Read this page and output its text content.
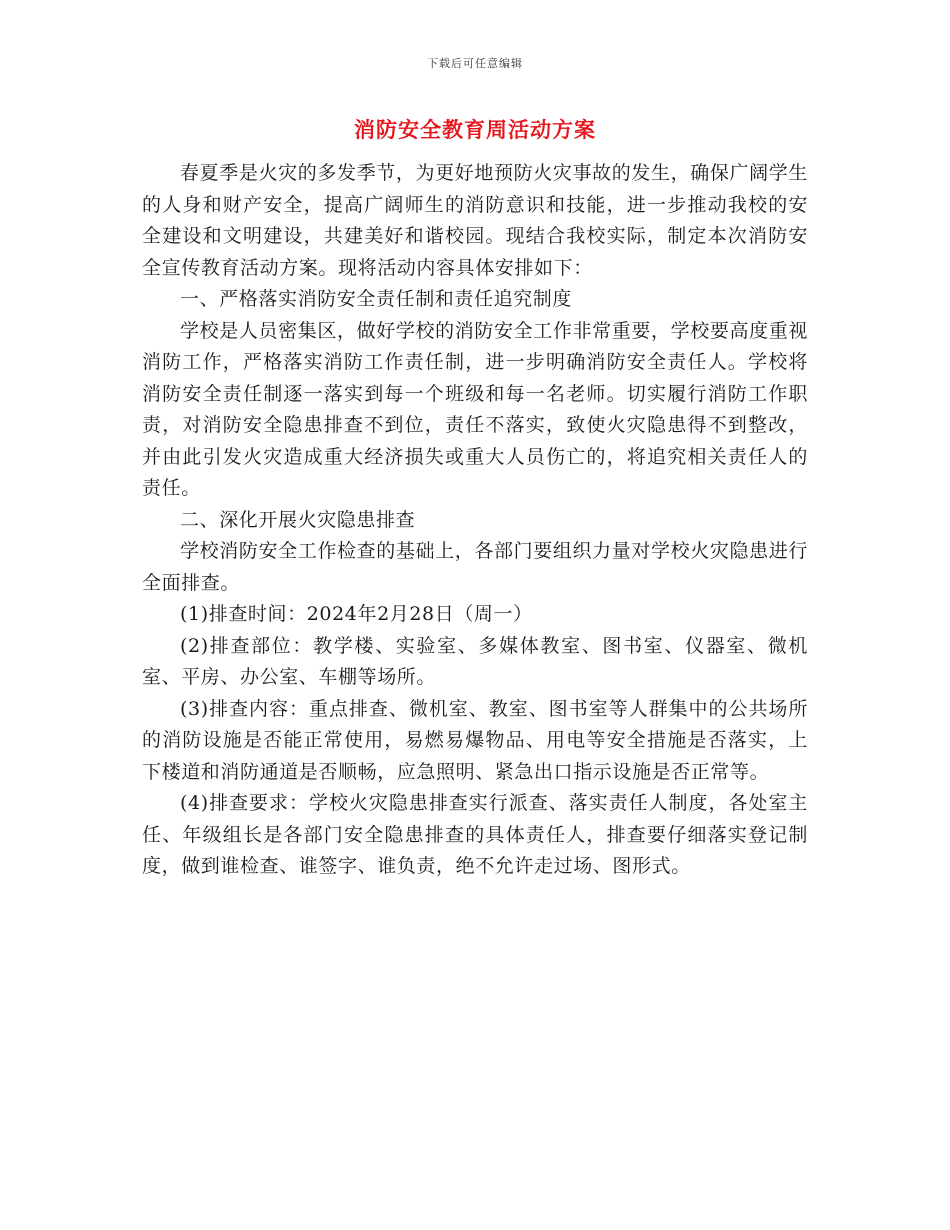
下载后可任意编辑
消防安全教育周活动方案

春夏季是火灾的多发季节，为更好地预防火灾事故的发生，确保广阔学生的人身和财产安全，提高广阔师生的消防意识和技能，进一步推动我校的安全建设和文明建设，共建美好和谐校园。现结合我校实际，制定本次消防安全宣传教育活动方案。现将活动内容具体安排如下：

一、严格落实消防安全责任制和责任追究制度

学校是人员密集区，做好学校的消防安全工作非常重要，学校要高度重视消防工作，严格落实消防工作责任制，进一步明确消防安全责任人。学校将消防安全责任制逐一落实到每一个班级和每一名老师。切实履行消防工作职责，对消防安全隐患排查不到位，责任不落实，致使火灾隐患得不到整改，并由此引发火灾造成重大经济损失或重大人员伤亡的，将追究相关责任人的责任。

二、深化开展火灾隐患排查

学校消防安全工作检查的基础上，各部门要组织力量对学校火灾隐患进行全面排查。

(1)排查时间：2024年2月28日（周一）

(2)排查部位：教学楼、实验室、多媒体教室、图书室、仪器室、微机室、平房、办公室、车棚等场所。

(3)排查内容：重点排查、微机室、教室、图书室等人群集中的公共场所的消防设施是否能正常使用，易燃易爆物品、用电等安全措施是否落实，上下楼道和消防通道是否顺畅，应急照明、紧急出口指示设施是否正常等。

(4)排查要求：学校火灾隐患排查实行派查、落实责任人制度，各处室主任、年级组长是各部门安全隐患排查的具体责任人，排查要仔细落实登记制度，做到谁检查、谁签字、谁负责，绝不允许走过场、图形式。
